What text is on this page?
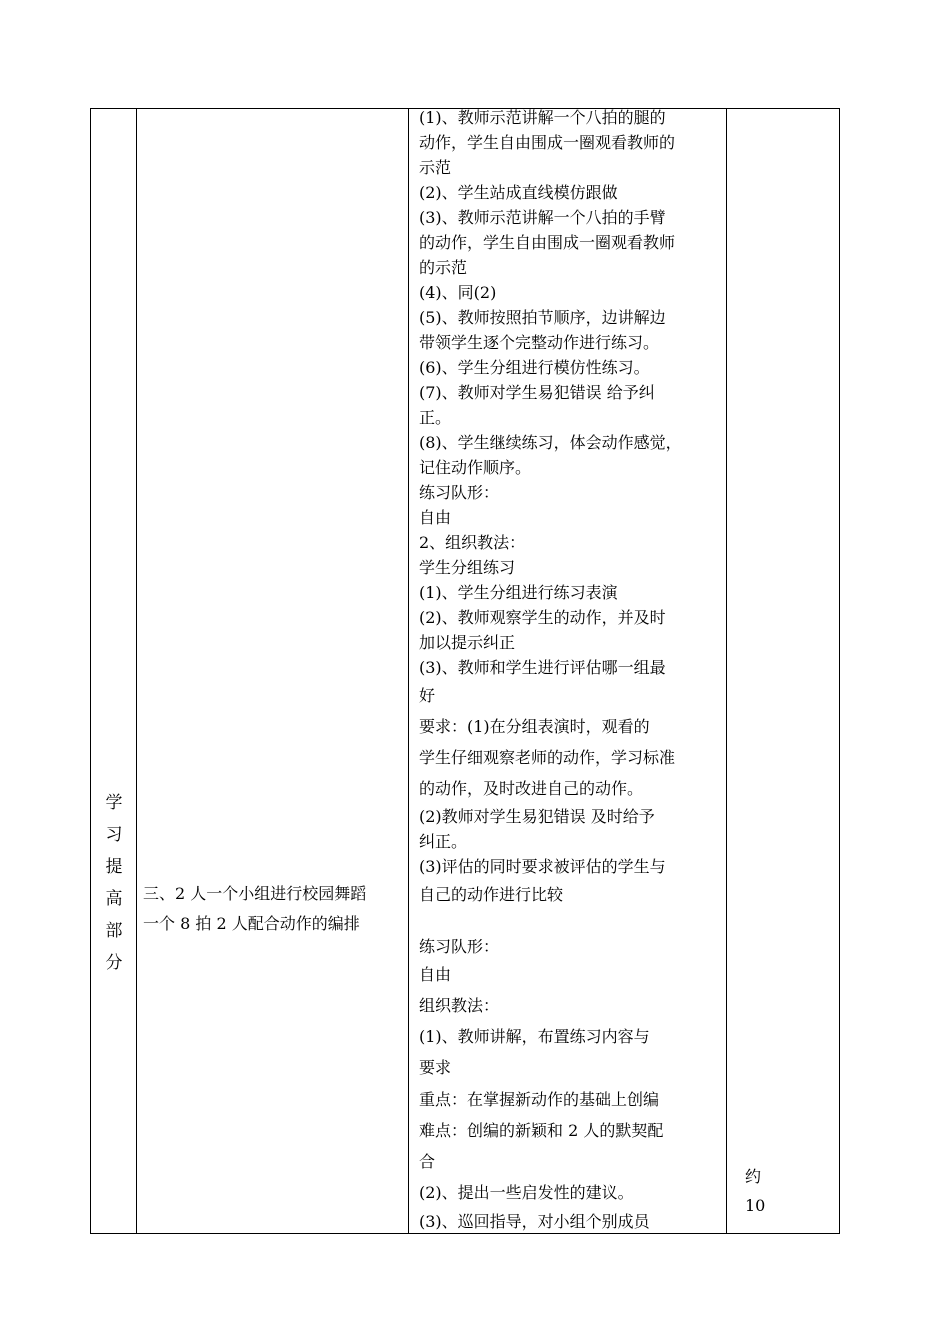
学
习
提
高
部
分
三、2 人一个小组进行校园舞蹈
一个 8 拍 2 人配合动作的编排
(1)、教师示范讲解一个八拍的腿的
动作，学生自由围成一圈观看教师的
示范
(2)、学生站成直线模仿跟做
(3)、教师示范讲解一个八拍的手臂
的动作，学生自由围成一圈观看教师
的示范
(4)、同(2)
(5)、教师按照拍节顺序，边讲解边
带领学生逐个完整动作进行练习。
(6)、学生分组进行模仿性练习。
(7)、教师对学生易犯错误 给予纠
正。
(8)、学生继续练习，体会动作感觉，
记住动作顺序。
练习队形：
自由
2、组织教法：
学生分组练习
(1)、学生分组进行练习表演
(2)、教师观察学生的动作，并及时
加以提示纠正
(3)、教师和学生进行评估哪一组最
好
要求：(1)在分组表演时，观看的
学生仔细观察老师的动作，学习标准
的动作，及时改进自己的动作。
(2)教师对学生易犯错误 及时给予
纠正。
(3)评估的同时要求被评估的学生与
自己的动作进行比较
练习队形：
自由
组织教法：
(1)、教师讲解，布置练习内容与
要求
重点：在掌握新动作的基础上创编
难点：创编的新颖和 2 人的默契配
合
(2)、提出一些启发性的建议。
(3)、巡回指导，对小组个别成员
约
10
